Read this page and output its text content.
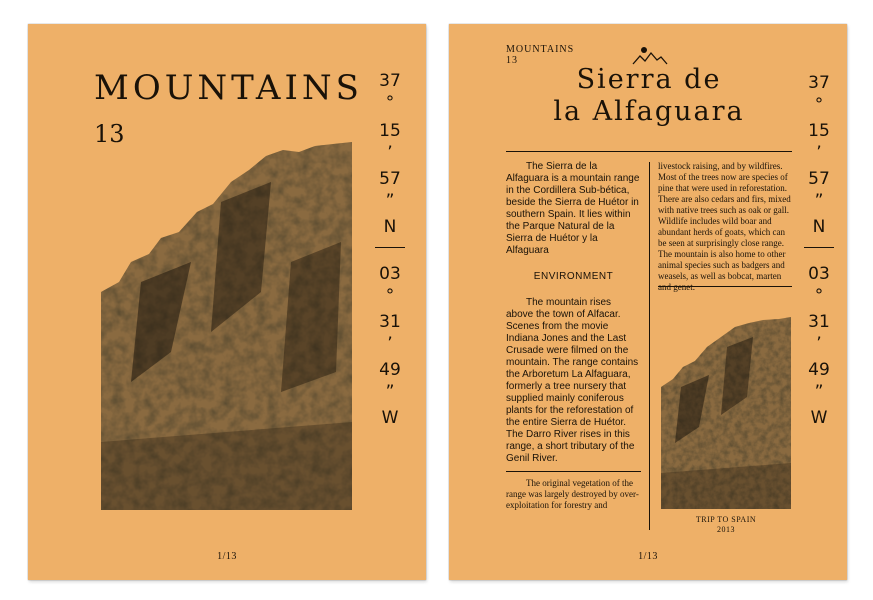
MOUNTAINS
13
37
°
15
’
57
”
N
03
°
31
’
49
”
W
1/13
MOUNTAINS
13
Sierra de
la Alfaguara

The Sierra de la Alfaguara is a mountain range in the Cordillera Sub-bética, beside the Sierra de Huétor in southern Spain. It lies within the Parque Natural de la Sierra de Huétor y la Alfaguara

ENVIRONMENT

The mountain rises above the town of Alfacar. Scenes from the movie Indiana Jones and the Last Crusade were filmed on the mountain. The range contains the Arboretum La Alfaguara, formerly a tree nursery that supplied mainly coniferous plants for the reforestation of the entire Sierra de Huétor. The Darro River rises in this range, a short tributary of the Genil River.

The original vegetation of the range was largely destroyed by over-exploitation for forestry and

livestock raising, and by wildfires. Most of the trees now are species of pine that were used in reforestation. There are also cedars and firs, mixed with native trees such as oak or gall. Wildlife includes wild boar and abundant herds of goats, which can be seen at surprisingly close range. The mountain is also home to other animal species such as badgers and weasels, as well as bobcat, marten and genet.

TRIP TO SPAIN
2013
37
°
15
’
57
”
N
03
°
31
’
49
”
W
1/13
